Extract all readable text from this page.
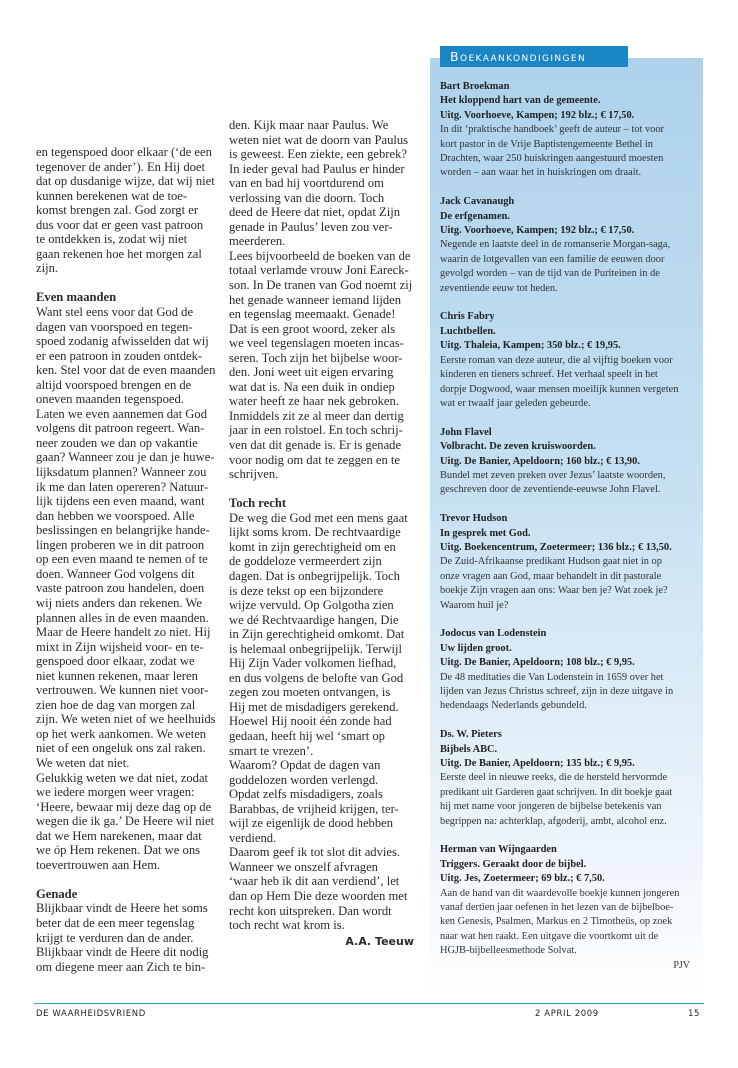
en tegenspoed door elkaar (‘de een
tegenover de ander’). En Hij doet
dat op dusdanige wijze, dat wij niet
kunnen berekenen wat de toe-
komst brengen zal. God zorgt er
dus voor dat er geen vast patroon
te ontdekken is, zodat wij niet
gaan rekenen hoe het morgen zal
zijn.

Even maanden

Want stel eens voor dat God de
dagen van voorspoed en tegen-
spoed zodanig afwisselden dat wij
er een patroon in zouden ontdek-
ken. Stel voor dat de even maanden
altijd voorspoed brengen en de
oneven maanden tegenspoed.
Laten we even aannemen dat God
volgens dit patroon regeert. Wan-
neer zouden we dan op vakantie
gaan? Wanneer zou je dan je huwe-
lijksdatum plannen? Wanneer zou
ik me dan laten opereren? Natuur-
lijk tijdens een even maand, want
dan hebben we voorspoed. Alle
beslissingen en belangrijke hande-
lingen proberen we in dit patroon
op een even maand te nemen of te
doen. Wanneer God volgens dit
vaste patroon zou handelen, doen
wij niets anders dan rekenen. We
plannen alles in de even maanden.
Maar de Heere handelt zo niet. Hij
mixt in Zijn wijsheid voor- en te-
genspoed door elkaar, zodat we
niet kunnen rekenen, maar leren
vertrouwen. We kunnen niet voor-
zien hoe de dag van morgen zal
zijn. We weten niet of we heelhuids
op het werk aankomen. We weten
niet of een ongeluk ons zal raken.
We weten dat niet.

Gelukkig weten we dat niet, zodat
we iedere morgen weer vragen:
‘Heere, bewaar mij deze dag op de
wegen die ik ga.’ De Heere wil niet
dat we Hem narekenen, maar dat
we óp Hem rekenen. Dat we ons
toevertrouwen aan Hem.

Genade

Blijkbaar vindt de Heere het soms
beter dat de een meer tegenslag
krijgt te verduren dan de ander.
Blijkbaar vindt de Heere dit nodig
om diegene meer aan Zich te bin-

den. Kijk maar naar Paulus. We
weten niet wat de doorn van Paulus
is geweest. Een ziekte, een gebrek?
In ieder geval had Paulus er hinder
van en bad hij voortdurend om
verlossing van die doorn. Toch
deed de Heere dat niet, opdat Zijn
genade in Paulus’ leven zou ver-
meerderen.

Lees bijvoorbeeld de boeken van de
totaal verlamde vrouw Joni Eareck-
son. In De tranen van God noemt zij
het genade wanneer iemand lijden
en tegenslag meemaakt. Genade!
Dat is een groot woord, zeker als
we veel tegenslagen moeten incas-
seren. Toch zijn het bijbelse woor-
den. Joni weet uit eigen ervaring
wat dat is. Na een duik in ondiep
water heeft ze haar nek gebroken.
Inmiddels zit ze al meer dan dertig
jaar in een rolstoel. En toch schrij-
ven dat dit genade is. Er is genade
voor nodig om dat te zeggen en te
schrijven.

Toch recht

De weg die God met een mens gaat
lijkt soms krom. De rechtvaardige
komt in zijn gerechtigheid om en
de goddeloze vermeerdert zijn
dagen. Dat is onbegrijpelijk. Toch
is deze tekst op een bijzondere
wijze vervuld. Op Golgotha zien
we dé Rechtvaardige hangen, Die
in Zijn gerechtigheid omkomt. Dat
is helemaal onbegrijpelijk. Terwijl
Hij Zijn Vader volkomen liefhad,
en dus volgens de belofte van God
zegen zou moeten ontvangen, is
Hij met de misdadigers gerekend.
Hoewel Hij nooit één zonde had
gedaan, heeft hij wel ‘smart op
smart te vrezen’.

Waarom? Opdat de dagen van
goddelozen worden verlengd.
Opdat zelfs misdadigers, zoals
Barabbas, de vrijheid krijgen, ter-
wijl ze eigenlijk de dood hebben
verdiend.

Daarom geef ik tot slot dit advies.
Wanneer we onszelf afvragen
‘waar heb ik dit aan verdiend’, let
dan op Hem Die deze woorden met
recht kon uitspreken. Dan wordt
toch recht wat krom is.

A.A. Teeuw
Boekaankondigingen
Bart Broekman
Het kloppend hart van de gemeente.
Uitg. Voorhoeve, Kampen; 192 blz.; € 17,50.
In dit ‘praktische handboek’ geeft de auteur – tot voor
kort pastor in de Vrije Baptistengemeente Bethel in
Drachten, waar 250 huiskringen aangestuurd moesten
worden – aan waar het in huiskringen om draait.
Jack Cavanaugh
De erfgenamen.
Uitg. Voorhoeve, Kampen; 192 blz.; € 17,50.
Negende en laatste deel in de romanserie Morgan-saga,
waarin de lotgevallen van een familie de eeuwen door
gevolgd worden – van de tijd van de Puriteinen in de
zeventiende eeuw tot heden.
Chris Fabry
Luchtbellen.
Uitg. Thaleia, Kampen; 350 blz.; € 19,95.
Eerste roman van deze auteur, die al vijftig boeken voor
kinderen en tieners schreef. Het verhaal speelt in het
dorpje Dogwood, waar mensen moeilijk kunnen vergeten
wat er twaalf jaar geleden gebeurde.
John Flavel
Volbracht. De zeven kruiswoorden.
Uitg. De Banier, Apeldoorn; 160 blz.; € 13,90.
Bundel met zeven preken over Jezus’ laatste woorden,
geschreven door de zeventiende-eeuwse John Flavel.
Trevor Hudson
In gesprek met God.
Uitg. Boekencentrum, Zoetermeer; 136 blz.; € 13,50.
De Zuid-Afrikaanse predikant Hudson gaat niet in op
onze vragen aan God, maar behandelt in dit pastorale
boekje Zijn vragen aan ons: Waar ben je? Wat zoek je?
Waarom huil je?
Jodocus van Lodenstein
Uw lijden groot.
Uitg. De Banier, Apeldoorn; 108 blz.; € 9,95.
De 48 meditaties die Van Lodenstein in 1659 over het
lijden van Jezus Christus schreef, zijn in deze uitgave in
hedendaags Nederlands gebundeld.
Ds. W. Pieters
Bijbels ABC.
Uitg. De Banier, Apeldoorn; 135 blz.; € 9,95.
Eerste deel in nieuwe reeks, die de hersteld hervormde
predikant uit Garderen gaat schrijven. In dit boekje gaat
hij met name voor jongeren de bijbelse betekenis van
begrippen na: achterklap, afgoderij, ambt, alcohol enz.
Herman van Wijngaarden
Triggers. Geraakt door de bijbel.
Uitg. Jes, Zoetermeer; 69 blz.; € 7,50.
Aan de hand van dit waardevolle boekje kunnen jongeren
vanaf dertien jaar oefenen in het lezen van de bijbelboe-
ken Genesis, Psalmen, Markus en 2 Timotheüs, op zoek
naar wat hen raakt. Een uitgave die voortkomt uit de
HGJB-bijbelleesmethode Solvat.
PJV
DE WAARHEIDSVRIEND	2 APRIL 2009	15
